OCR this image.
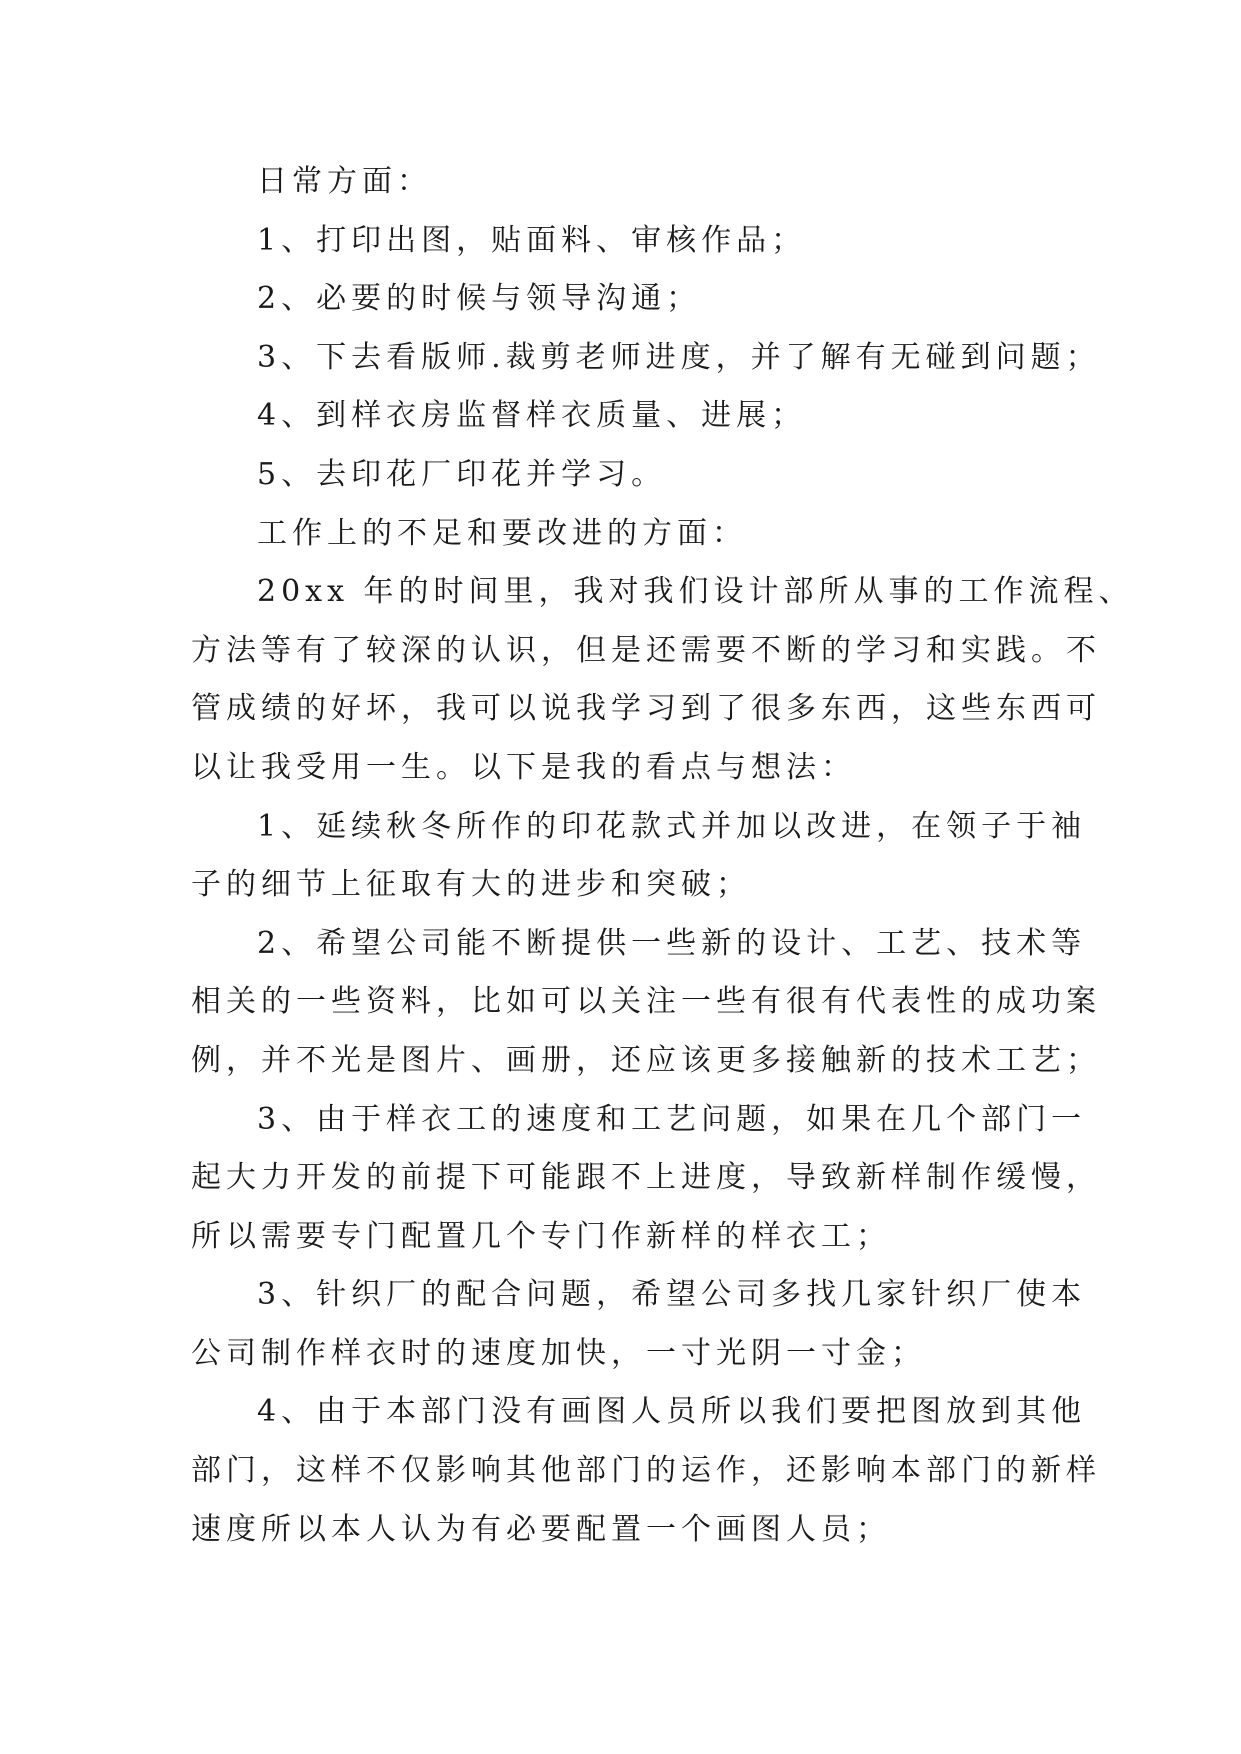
日常方面：
1、打印出图，贴面料、审核作品；
2、必要的时候与领导沟通；
3、下去看版师.裁剪老师进度，并了解有无碰到问题；
4、到样衣房监督样衣质量、进展；
5、去印花厂印花并学习。
工作上的不足和要改进的方面：
20xx 年的时间里，我对我们设计部所从事的工作流程、
方法等有了较深的认识，但是还需要不断的学习和实践。不
管成绩的好坏，我可以说我学习到了很多东西，这些东西可
以让我受用一生。以下是我的看点与想法：
1、延续秋冬所作的印花款式并加以改进，在领子于袖
子的细节上征取有大的进步和突破；
2、希望公司能不断提供一些新的设计、工艺、技术等
相关的一些资料，比如可以关注一些有很有代表性的成功案
例，并不光是图片、画册，还应该更多接触新的技术工艺；
3、由于样衣工的速度和工艺问题，如果在几个部门一
起大力开发的前提下可能跟不上进度，导致新样制作缓慢，
所以需要专门配置几个专门作新样的样衣工；
3、针织厂的配合问题，希望公司多找几家针织厂使本
公司制作样衣时的速度加快，一寸光阴一寸金；
4、由于本部门没有画图人员所以我们要把图放到其他
部门，这样不仅影响其他部门的运作，还影响本部门的新样
速度所以本人认为有必要配置一个画图人员；
